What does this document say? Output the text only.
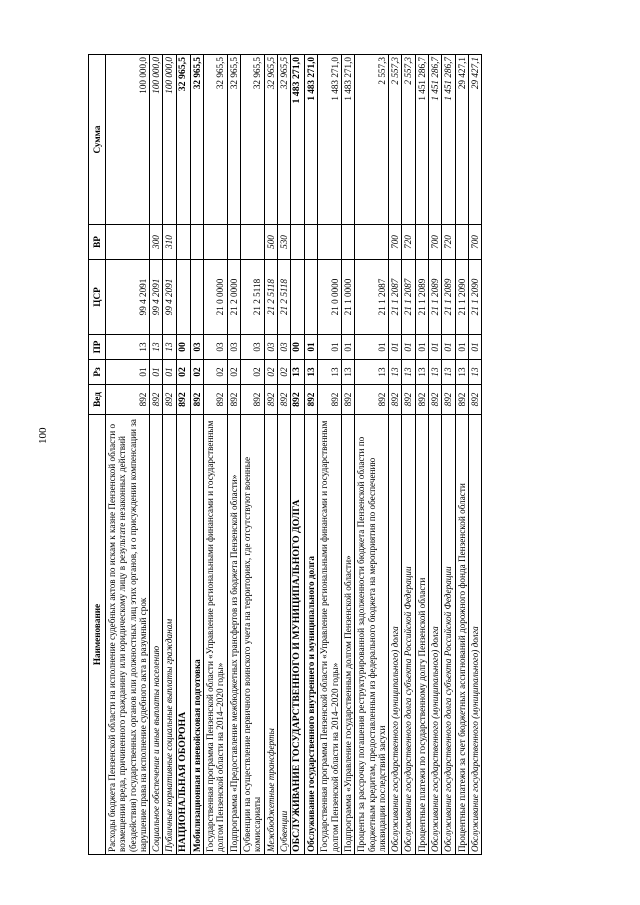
100
Наименование	Вед	Рз	ПР	ЦСР	ВР	Сумма
Расходы бюджета Пензенской области на исполнение судебных актов по искам к казне Пензенской области о возмещении вреда, причиненного гражданину или юридическому лицу в результате незаконных действий (бездействия) государственных органов или должностных лиц этих органов, и о присуждении компенсации за нарушение права на исполнение судебного акта в разумный срок	892	01	13	99 4 2091		100 000,0
Социальное обеспечение и иные выплаты населению	892	01	13	99 4 2091	300	100 000,0
Публичные нормативные социальные выплаты гражданам	892	01	13	99 4 2091	310	100 000,0
НАЦИОНАЛЬНАЯ ОБОРОНА	892	02	00			32 965,5
Мобилизационная и вневойсковая подготовка	892	02	03			32 965,5
Государственная программа Пензенской области «Управление региональными финансами и государственным долгом Пензенской области на 2014–2020 годы»	892	02	03	21 0 0000		32 965,5
Подпрограмма «Предоставление межбюджетных трансфертов из бюджета Пензенской области»	892	02	03	21 2 0000		32 965,5
Субвенции на осуществление первичного воинского учета на территориях, где отсутствуют военные комиссариаты	892	02	03	21 2 5118		32 965,5
Межбюджетные трансферты	892	02	03	21 2 5118	500	32 965,5
Субвенции	892	02	03	21 2 5118	530	32 965,5
ОБСЛУЖИВАНИЕ ГОСУДАРСТВЕННОГО И МУНИЦИПАЛЬНОГО ДОЛГА	892	13	00			1 483 271,0
Обслуживание государственного внутреннего и муниципального долга	892	13	01			1 483 271,0
Государственная программа Пензенской области «Управление региональными финансами и государственным долгом Пензенской области на 2014–2020 годы»	892	13	01	21 0 0000		1 483 271,0
Подпрограмма «Управление государственным долгом Пензенской области»	892	13	01	21 1 0000		1 483 271,0
Проценты за рассрочку погашения реструктурированной задолженности бюджета Пензенской области по бюджетным кредитам, предоставленным из федерального бюджета на мероприятия по обеспечению ликвидации последствий засухи	892	13	01	21 1 2087		2 557,3
Обслуживание государственного (муниципального) долга	892	13	01	21 1 2087	700	2 557,3
Обслуживание государственного долга субъекта Российской Федерации	892	13	01	21 1 2087	720	2 557,3
Процентные платежи по государственному долгу Пензенской области	892	13	01	21 1 2089		1 451 286,7
Обслуживание государственного (муниципального) долга	892	13	01	21 1 2089	700	1 451 286,7
Обслуживание государственного долга субъекта Российской Федерации	892	13	01	21 1 2089	720	1 451 286,7
Процентные платежи за счет бюджетных ассигнований дорожного фонда Пензенской области	892	13	01	21 1 2090		29 427,1
Обслуживание государственного (муниципального) долга	892	13	01	21 1 2090	700	29 427,1
